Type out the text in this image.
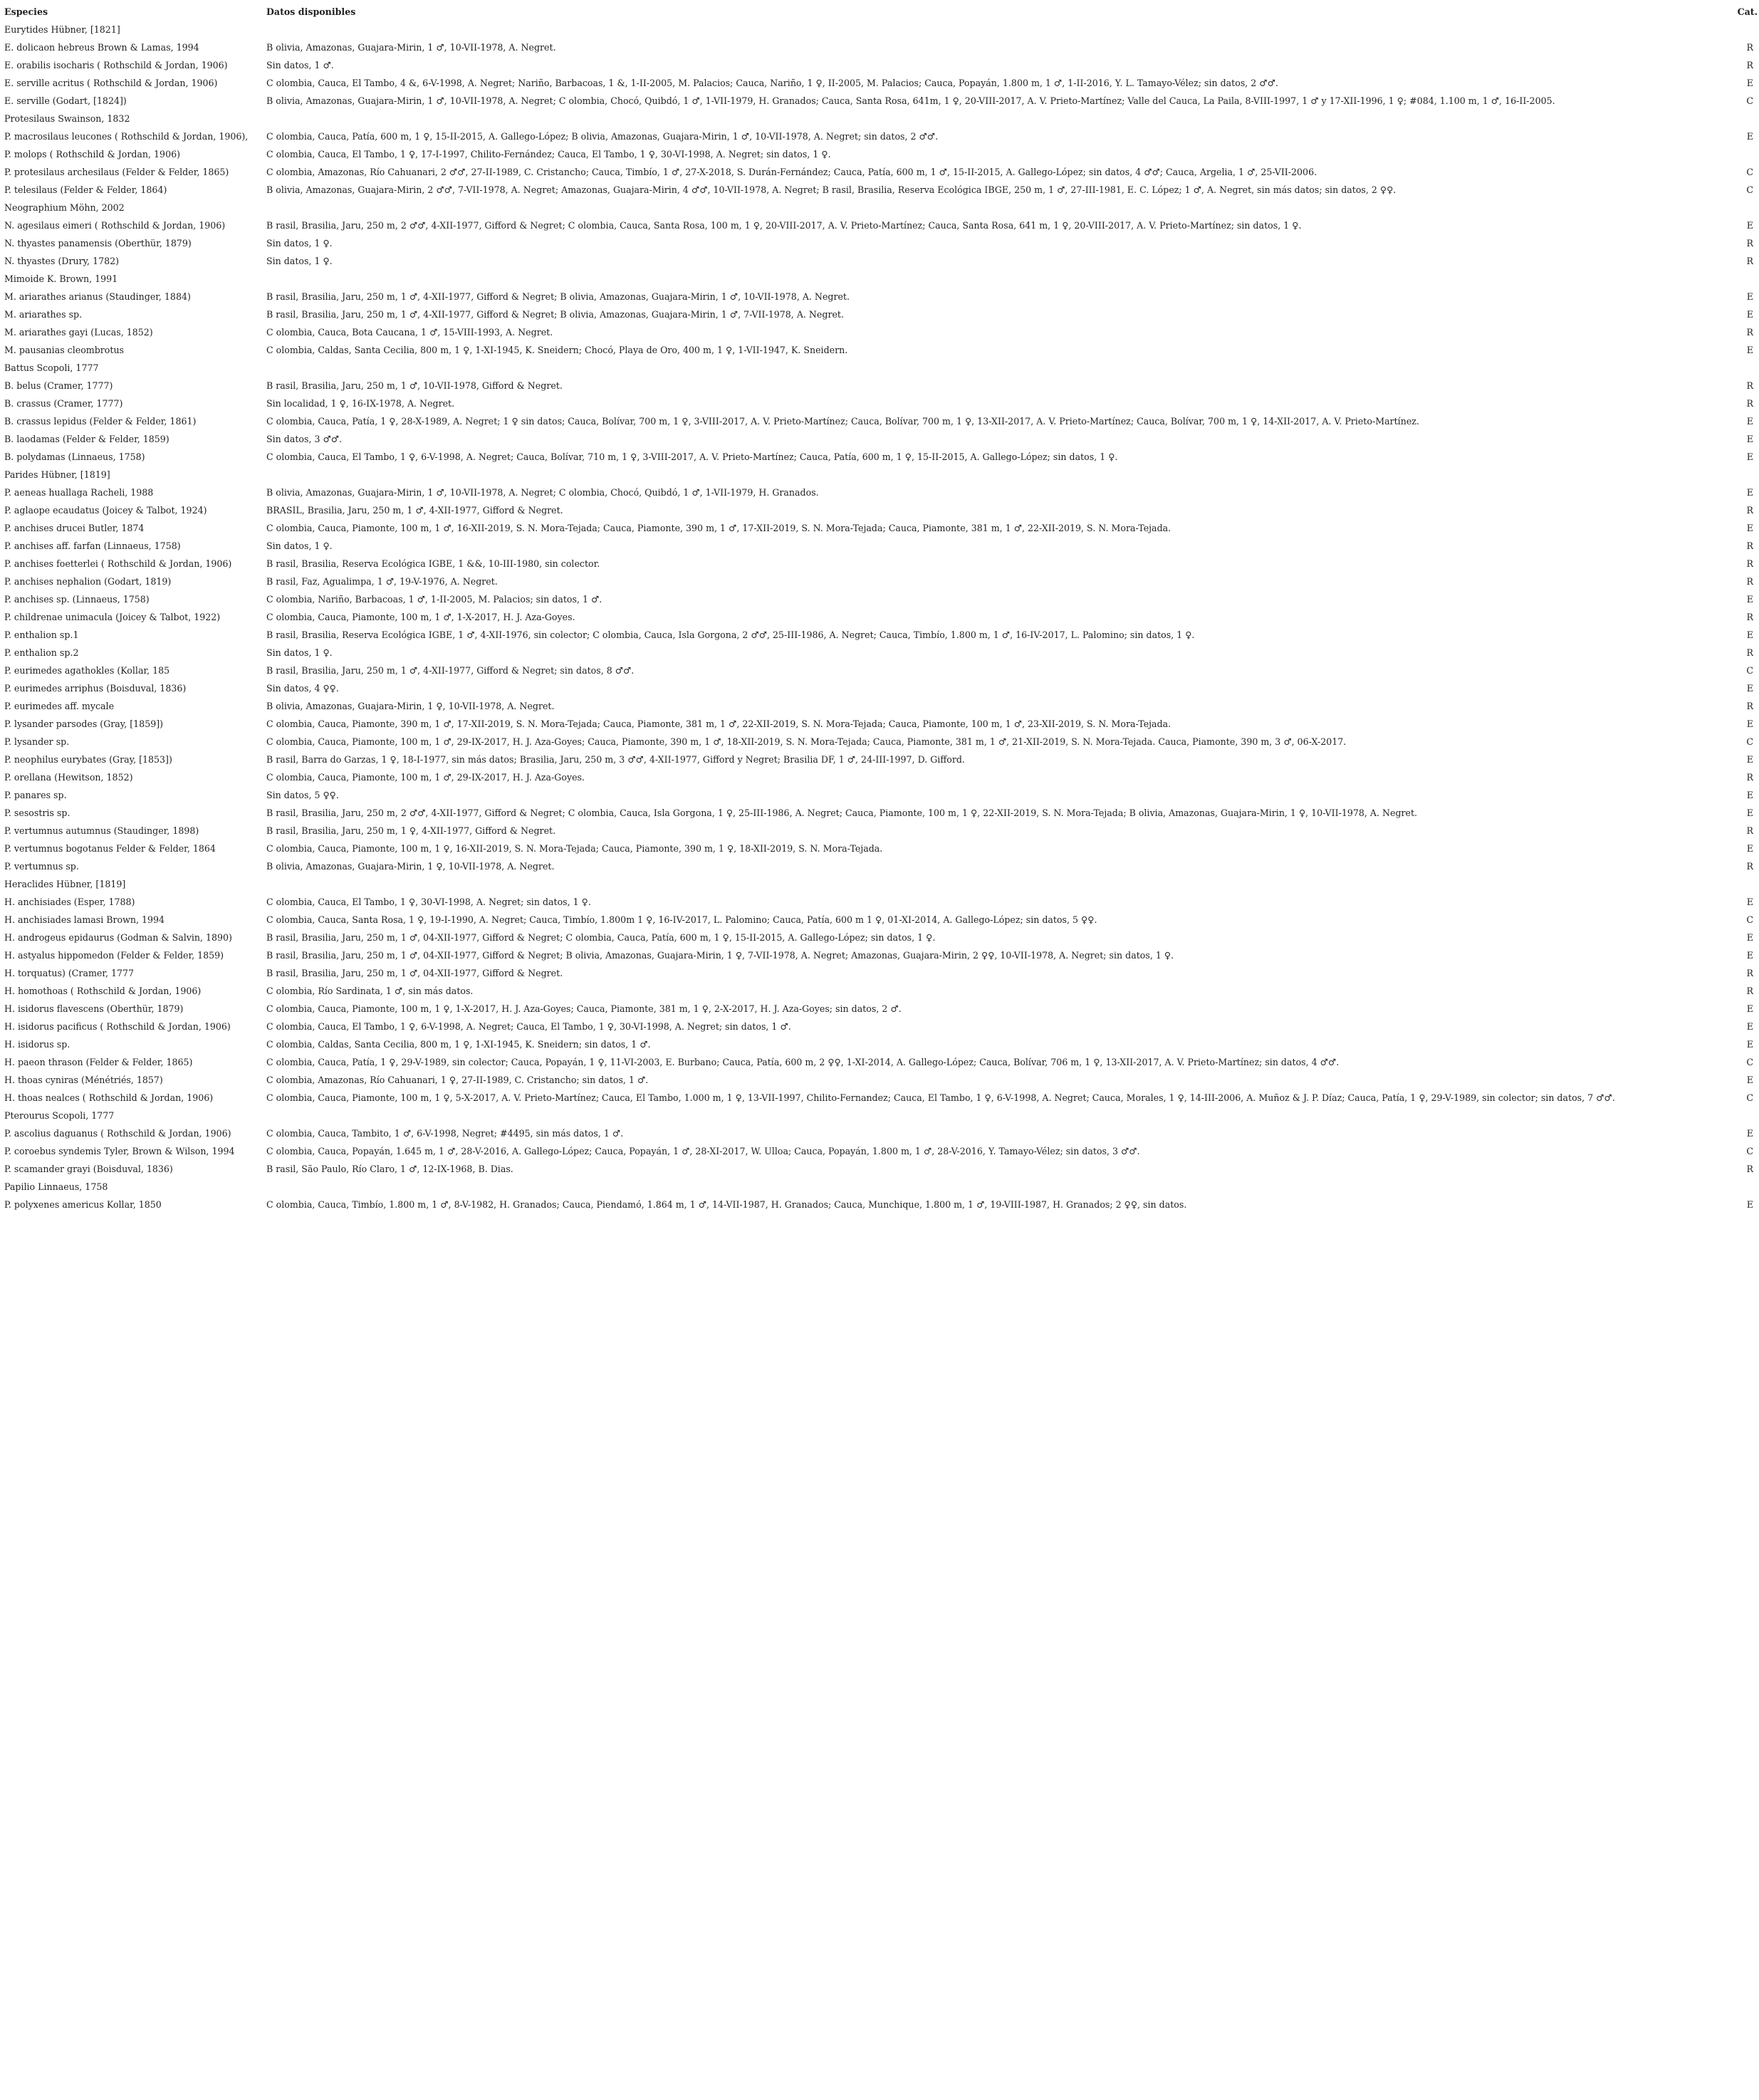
Especies	Datos disponibles	Cat.
Eurytides Hübner, [1821]		
E. dolicaon hebreus Brown & Lamas, 1994	B olivia, Amazonas, Guajara-Mirin, 1 ♂, 10-VII-1978, A. Negret.	R
E. orabilis isocharis ( Rothschild & Jordan, 1906)	Sin datos, 1 ♂.	R
E. serville acritus ( Rothschild & Jordan, 1906)	C olombia, Cauca, El Tambo, 4 &, 6-V-1998, A. Negret; Nariño, Barbacoas, 1 &, 1-II-2005, M. Palacios; Cauca, Nariño, 1 ♀, II-2005, M. Palacios; Cauca, Popayán, 1.800 m, 1 ♂, 1-II-2016, Y. L. Tamayo-Vélez; sin datos, 2 ♂♂.	E
E. serville (Godart, [1824])	B olivia, Amazonas, Guajara-Mirin, 1 ♂, 10-VII-1978, A. Negret; C olombia, Chocó, Quibdó, 1 ♂, 1-VII-1979, H. Granados; Cauca, Santa Rosa, 641m, 1 ♀, 20-VIII-2017, A. V. Prieto-Martínez; Valle del Cauca, La Paila, 8-VIII-1997, 1 ♂ y 17-XII-1996, 1 ♀; #084, 1.100 m, 1 ♂, 16-II-2005.	C
Protesilaus Swainson, 1832		
P. macrosilaus leucones ( Rothschild & Jordan, 1906),	C olombia, Cauca, Patía, 600 m, 1 ♀, 15-II-2015, A. Gallego-López; B olivia, Amazonas, Guajara-Mirin, 1 ♂, 10-VII-1978, A. Negret; sin datos, 2 ♂♂.	E
P. molops ( Rothschild & Jordan, 1906)	C olombia, Cauca, El Tambo, 1 ♀, 17-I-1997, Chilito-Fernández; Cauca, El Tambo, 1 ♀, 30-VI-1998, A. Negret; sin datos, 1 ♀.	
P. protesilaus archesilaus (Felder & Felder, 1865)	C olombia, Amazonas, Río Cahuanari, 2 ♂♂, 27-II-1989, C. Cristancho; Cauca, Timbío, 1 ♂, 27-X-2018, S. Durán-Fernández; Cauca, Patía, 600 m, 1 ♂, 15-II-2015, A. Gallego-López; sin datos, 4 ♂♂; Cauca, Argelia, 1 ♂, 25-VII-2006.	C
P. telesilaus (Felder & Felder, 1864)	B olivia, Amazonas, Guajara-Mirin, 2 ♂♂, 7-VII-1978, A. Negret; Amazonas, Guajara-Mirin, 4 ♂♂, 10-VII-1978, A. Negret; B rasil, Brasilia, Reserva Ecológica IBGE, 250 m, 1 ♂, 27-III-1981, E. C. López; 1 ♂, A. Negret, sin más datos; sin datos, 2 ♀♀.	C
Neographium Möhn, 2002		
N. agesilaus eimeri ( Rothschild & Jordan, 1906)	B rasil, Brasilia, Jaru, 250 m, 2 ♂♂, 4-XII-1977, Gifford & Negret; C olombia, Cauca, Santa Rosa, 100 m, 1 ♀, 20-VIII-2017, A. V. Prieto-Martínez; Cauca, Santa Rosa, 641 m, 1 ♀, 20-VIII-2017, A. V. Prieto-Martínez; sin datos, 1 ♀.	E
N. thyastes panamensis (Oberthür, 1879)	Sin datos, 1 ♀.	R
N. thyastes (Drury, 1782)	Sin datos, 1 ♀.	R
Mimoide K. Brown, 1991		
M. ariarathes arianus (Staudinger, 1884)	B rasil, Brasilia, Jaru, 250 m, 1 ♂, 4-XII-1977, Gifford & Negret; B olivia, Amazonas, Guajara-Mirin, 1 ♂, 10-VII-1978, A. Negret.	E
M. ariarathes sp.	B rasil, Brasilia, Jaru, 250 m, 1 ♂, 4-XII-1977, Gifford & Negret; B olivia, Amazonas, Guajara-Mirin, 1 ♂, 7-VII-1978, A. Negret.	E
M. ariarathes gayi (Lucas, 1852)	C olombia, Cauca, Bota Caucana, 1 ♂, 15-VIII-1993, A. Negret.	R
M. pausanias cleombrotus	C olombia, Caldas, Santa Cecilia, 800 m, 1 ♀, 1-XI-1945, K. Sneidern; Chocó, Playa de Oro, 400 m, 1 ♀, 1-VII-1947, K. Sneidern.	E
Battus Scopoli, 1777		
B. belus (Cramer, 1777)	B rasil, Brasilia, Jaru, 250 m, 1 ♂, 10-VII-1978, Gifford & Negret.	R
B. crassus (Cramer, 1777)	Sin localidad, 1 ♀, 16-IX-1978, A. Negret.	R
B. crassus lepidus (Felder & Felder, 1861)	C olombia, Cauca, Patía, 1 ♀, 28-X-1989, A. Negret; 1 ♀ sin datos; Cauca, Bolívar, 700 m, 1 ♀, 3-VIII-2017, A. V. Prieto-Martínez; Cauca, Bolívar, 700 m, 1 ♀, 13-XII-2017, A. V. Prieto-Martínez; Cauca, Bolívar, 700 m, 1 ♀, 14-XII-2017, A. V. Prieto-Martínez.	E
B. laodamas (Felder & Felder, 1859)	Sin datos, 3 ♂♂.	E
B. polydamas (Linnaeus, 1758)	C olombia, Cauca, El Tambo, 1 ♀, 6-V-1998, A. Negret; Cauca, Bolívar, 710 m, 1 ♀, 3-VIII-2017, A. V. Prieto-Martínez; Cauca, Patía, 600 m, 1 ♀, 15-II-2015, A. Gallego-López; sin datos, 1 ♀.	E
Parides Hübner, [1819]		
P. aeneas huallaga Racheli, 1988	B olivia, Amazonas, Guajara-Mirin, 1 ♂, 10-VII-1978, A. Negret; C olombia, Chocó, Quibdó, 1 ♂, 1-VII-1979, H. Granados.	E
P. aglaope ecaudatus (Joicey & Talbot, 1924)	BRASIL, Brasilia, Jaru, 250 m, 1 ♂, 4-XII-1977, Gifford & Negret.	R
P. anchises drucei Butler, 1874	C olombia, Cauca, Piamonte, 100 m, 1 ♂, 16-XII-2019, S. N. Mora-Tejada; Cauca, Piamonte, 390 m, 1 ♂, 17-XII-2019, S. N. Mora-Tejada; Cauca, Piamonte, 381 m, 1 ♂, 22-XII-2019, S. N. Mora-Tejada.	E
P. anchises aff. farfan (Linnaeus, 1758)	Sin datos, 1 ♀.	R
P. anchises foetterlei ( Rothschild & Jordan, 1906)	B rasil, Brasilia, Reserva Ecológica IGBE, 1 &&, 10-III-1980, sin colector.	R
P. anchises nephalion (Godart, 1819)	B rasil, Faz, Agualimpa, 1 ♂, 19-V-1976, A. Negret.	R
P. anchises sp. (Linnaeus, 1758)	C olombia, Nariño, Barbacoas, 1 ♂, 1-II-2005, M. Palacios; sin datos, 1 ♂.	E
P. childrenae unimacula (Joicey & Talbot, 1922)	C olombia, Cauca, Piamonte, 100 m, 1 ♂, 1-X-2017, H. J. Aza-Goyes.	R
P. enthalion sp.1	B rasil, Brasilia, Reserva Ecológica IGBE, 1 ♂, 4-XII-1976, sin colector; C olombia, Cauca, Isla Gorgona, 2 ♂♂, 25-III-1986, A. Negret; Cauca, Timbío, 1.800 m, 1 ♂, 16-IV-2017, L. Palomino; sin datos, 1 ♀.	E
P. enthalion sp.2	Sin datos, 1 ♀.	R
P. eurimedes agathokles (Kollar, 185	B rasil, Brasilia, Jaru, 250 m, 1 ♂, 4-XII-1977, Gifford & Negret; sin datos, 8 ♂♂.	C
P. eurimedes arriphus (Boisduval, 1836)	Sin datos, 4 ♀♀.	E
P. eurimedes aff. mycale	B olivia, Amazonas, Guajara-Mirin, 1 ♀, 10-VII-1978, A. Negret.	R
P. lysander parsodes (Gray, [1859])	C olombia, Cauca, Piamonte, 390 m, 1 ♂, 17-XII-2019, S. N. Mora-Tejada; Cauca, Piamonte, 381 m, 1 ♂, 22-XII-2019, S. N. Mora-Tejada; Cauca, Piamonte, 100 m, 1 ♂, 23-XII-2019, S. N. Mora-Tejada.	E
P. lysander sp.	C olombia, Cauca, Piamonte, 100 m, 1 ♂, 29-IX-2017, H. J. Aza-Goyes; Cauca, Piamonte, 390 m, 1 ♂, 18-XII-2019, S. N. Mora-Tejada; Cauca, Piamonte, 381 m, 1 ♂, 21-XII-2019, S. N. Mora-Tejada. Cauca, Piamonte, 390 m, 3 ♂, 06-X-2017.	C
P. neophilus eurybates (Gray, [1853])	B rasil, Barra do Garzas, 1 ♀, 18-I-1977, sin más datos; Brasilia, Jaru, 250 m, 3 ♂♂, 4-XII-1977, Gifford y Negret; Brasilia DF, 1 ♂, 24-III-1997, D. Gifford.	E
P. orellana (Hewitson, 1852)	C olombia, Cauca, Piamonte, 100 m, 1 ♂, 29-IX-2017, H. J. Aza-Goyes.	R
P. panares sp.	Sin datos, 5 ♀♀.	E
P. sesostris sp.	B rasil, Brasilia, Jaru, 250 m, 2 ♂♂, 4-XII-1977, Gifford & Negret; C olombia, Cauca, Isla Gorgona, 1 ♀, 25-III-1986, A. Negret; Cauca, Piamonte, 100 m, 1 ♀, 22-XII-2019, S. N. Mora-Tejada; B olivia, Amazonas, Guajara-Mirin, 1 ♀, 10-VII-1978, A. Negret.	E
P. vertumnus autumnus (Staudinger, 1898)	B rasil, Brasilia, Jaru, 250 m, 1 ♀, 4-XII-1977, Gifford & Negret.	R
P. vertumnus bogotanus Felder & Felder, 1864	C olombia, Cauca, Piamonte, 100 m, 1 ♀, 16-XII-2019, S. N. Mora-Tejada; Cauca, Piamonte, 390 m, 1 ♀, 18-XII-2019, S. N. Mora-Tejada.	E
P. vertumnus sp.	B olivia, Amazonas, Guajara-Mirin, 1 ♀, 10-VII-1978, A. Negret.	R
Heraclides Hübner, [1819]		
H. anchisiades (Esper, 1788)	C olombia, Cauca, El Tambo, 1 ♀, 30-VI-1998, A. Negret; sin datos, 1 ♀.	E
H. anchisiades lamasi Brown, 1994	C olombia, Cauca, Santa Rosa, 1 ♀, 19-I-1990, A. Negret; Cauca, Timbío, 1.800m 1 ♀, 16-IV-2017, L. Palomino; Cauca, Patía, 600 m 1 ♀, 01-XI-2014, A. Gallego-López; sin datos, 5 ♀♀.	C
H. androgeus epidaurus (Godman & Salvin, 1890)	B rasil, Brasilia, Jaru, 250 m, 1 ♂, 04-XII-1977, Gifford & Negret; C olombia, Cauca, Patía, 600 m, 1 ♀, 15-II-2015, A. Gallego-López; sin datos, 1 ♀.	E
H. astyalus hippomedon (Felder & Felder, 1859)	B rasil, Brasilia, Jaru, 250 m, 1 ♂, 04-XII-1977, Gifford & Negret; B olivia, Amazonas, Guajara-Mirin, 1 ♀, 7-VII-1978, A. Negret; Amazonas, Guajara-Mirin, 2 ♀♀, 10-VII-1978, A. Negret; sin datos, 1 ♀.	E
H. torquatus) (Cramer, 1777	B rasil, Brasilia, Jaru, 250 m, 1 ♂, 04-XII-1977, Gifford & Negret.	R
H. homothoas ( Rothschild & Jordan, 1906)	C olombia, Río Sardinata, 1 ♂, sin más datos.	R
H. isidorus flavescens (Oberthür, 1879)	C olombia, Cauca, Piamonte, 100 m, 1 ♀, 1-X-2017, H. J. Aza-Goyes; Cauca, Piamonte, 381 m, 1 ♀, 2-X-2017, H. J. Aza-Goyes; sin datos, 2 ♂.	E
H. isidorus pacificus ( Rothschild & Jordan, 1906)	C olombia, Cauca, El Tambo, 1 ♀, 6-V-1998, A. Negret; Cauca, El Tambo, 1 ♀, 30-VI-1998, A. Negret; sin datos, 1 ♂.	E
H. isidorus sp.	C olombia, Caldas, Santa Cecilia, 800 m, 1 ♀, 1-XI-1945, K. Sneidern; sin datos, 1 ♂.	E
H. paeon thrason (Felder & Felder, 1865)	C olombia, Cauca, Patía, 1 ♀, 29-V-1989, sin colector; Cauca, Popayán, 1 ♀, 11-VI-2003, E. Burbano; Cauca, Patía, 600 m, 2 ♀♀, 1-XI-2014, A. Gallego-López; Cauca, Bolívar, 706 m, 1 ♀, 13-XII-2017, A. V. Prieto-Martínez; sin datos, 4 ♂♂.	C
H. thoas cyniras (Ménétriés, 1857)	C olombia, Amazonas, Río Cahuanari, 1 ♀, 27-II-1989, C. Cristancho; sin datos, 1 ♂.	E
H. thoas nealces ( Rothschild & Jordan, 1906)	C olombia, Cauca, Piamonte, 100 m, 1 ♀, 5-X-2017, A. V. Prieto-Martínez; Cauca, El Tambo, 1.000 m, 1 ♀, 13-VII-1997, Chilito-Fernandez; Cauca, El Tambo, 1 ♀, 6-V-1998, A. Negret; Cauca, Morales, 1 ♀, 14-III-2006, A. Muñoz & J. P. Díaz; Cauca, Patía, 1 ♀, 29-V-1989, sin colector; sin datos, 7 ♂♂.	C
Pterourus Scopoli, 1777		
P. ascolius daguanus ( Rothschild & Jordan, 1906)	C olombia, Cauca, Tambito, 1 ♂, 6-V-1998, Negret; #4495, sin más datos, 1 ♂.	E
P. coroebus syndemis Tyler, Brown & Wilson, 1994	C olombia, Cauca, Popayán, 1.645 m, 1 ♂, 28-V-2016, A. Gallego-López; Cauca, Popayán, 1 ♂, 28-XI-2017, W. Ulloa; Cauca, Popayán, 1.800 m, 1 ♂, 28-V-2016, Y. Tamayo-Vélez; sin datos, 3 ♂♂.	C
P. scamander grayi (Boisduval, 1836)	B rasil, São Paulo, Río Claro, 1 ♂, 12-IX-1968, B. Dias.	R
Papilio Linnaeus, 1758		
P. polyxenes americus Kollar, 1850	C olombia, Cauca, Timbío, 1.800 m, 1 ♂, 8-V-1982, H. Granados; Cauca, Piendamó, 1.864 m, 1 ♂, 14-VII-1987, H. Granados; Cauca, Munchique, 1.800 m, 1 ♂, 19-VIII-1987, H. Granados; 2 ♀♀, sin datos.	E
